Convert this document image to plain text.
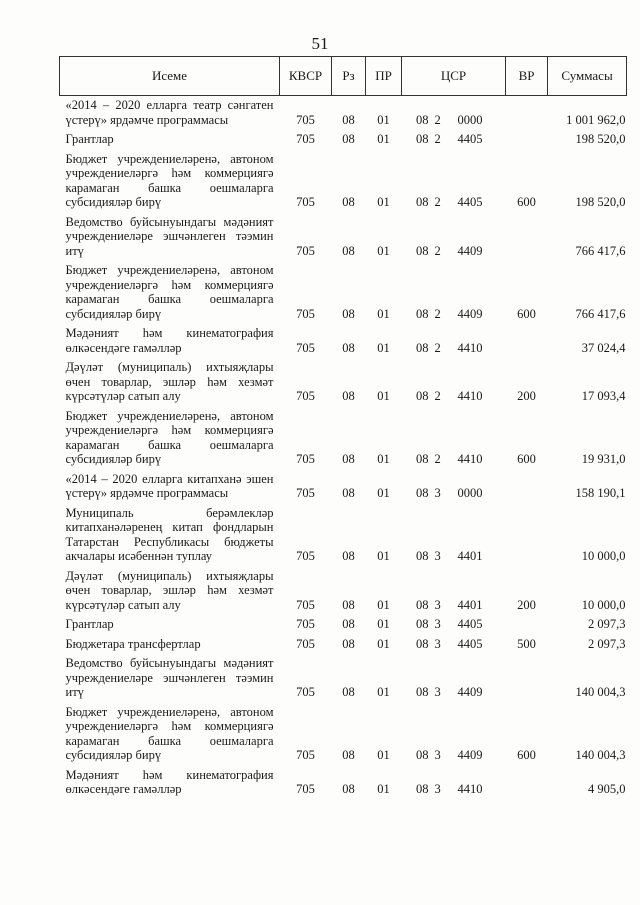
51
Исеме	КВСР	Рз	ПР	ЦСР			ВР	Суммасы
«2014 – 2020 елларга театр сәнгатен үстерү» ярдәмче программасы	705	08	01	08	2	0000		1 001 962,0
Грантлар	705	08	01	08	2	4405		198 520,0
Бюджет учреждениеләренә, автоном учреждениеләргә һәм коммерциягә карамаган башка оешмаларга субсидияләр бирү	705	08	01	08	2	4405	600	198 520,0
Ведомство буйсынуындагы мәдәният учреждениеләре эшчәнлеген тәэмин итү	705	08	01	08	2	4409		766 417,6
Бюджет учреждениеләренә, автоном учреждениеләргә һәм коммерциягә карамаган башка оешмаларга субсидияләр бирү	705	08	01	08	2	4409	600	766 417,6
Мәдәният һәм кинематография өлкәсендәге гамәлләр	705	08	01	08	2	4410		37 024,4
Дәүләт (муниципаль) ихтыяҗлары өчен товарлар, эшләр һәм хезмәт күрсәтүләр сатып алу	705	08	01	08	2	4410	200	17 093,4
Бюджет учреждениеләренә, автоном учреждениеләргә һәм коммерциягә карамаган башка оешмаларга субсидияләр бирү	705	08	01	08	2	4410	600	19 931,0
«2014 – 2020 елларга китапханә эшен үстерү» ярдәмче программасы	705	08	01	08	3	0000		158 190,1
Муниципаль берәмлекләр китапханәләренең китап фондларын Татарстан Республикасы бюджеты акчалары исәбеннән туплау	705	08	01	08	3	4401		10 000,0
Дәүләт (муниципаль) ихтыяҗлары өчен товарлар, эшләр һәм хезмәт күрсәтүләр сатып алу	705	08	01	08	3	4401	200	10 000,0
Грантлар	705	08	01	08	3	4405		2 097,3
Бюджетара трансфертлар	705	08	01	08	3	4405	500	2 097,3
Ведомство буйсынуындагы мәдәният учреждениеләре эшчәнлеген тәэмин итү	705	08	01	08	3	4409		140 004,3
Бюджет учреждениеләренә, автоном учреждениеләргә һәм коммерциягә карамаган башка оешмаларга субсидияләр бирү	705	08	01	08	3	4409	600	140 004,3
Мәдәният һәм кинематография өлкәсендәге гамәлләр	705	08	01	08	3	4410		4 905,0
